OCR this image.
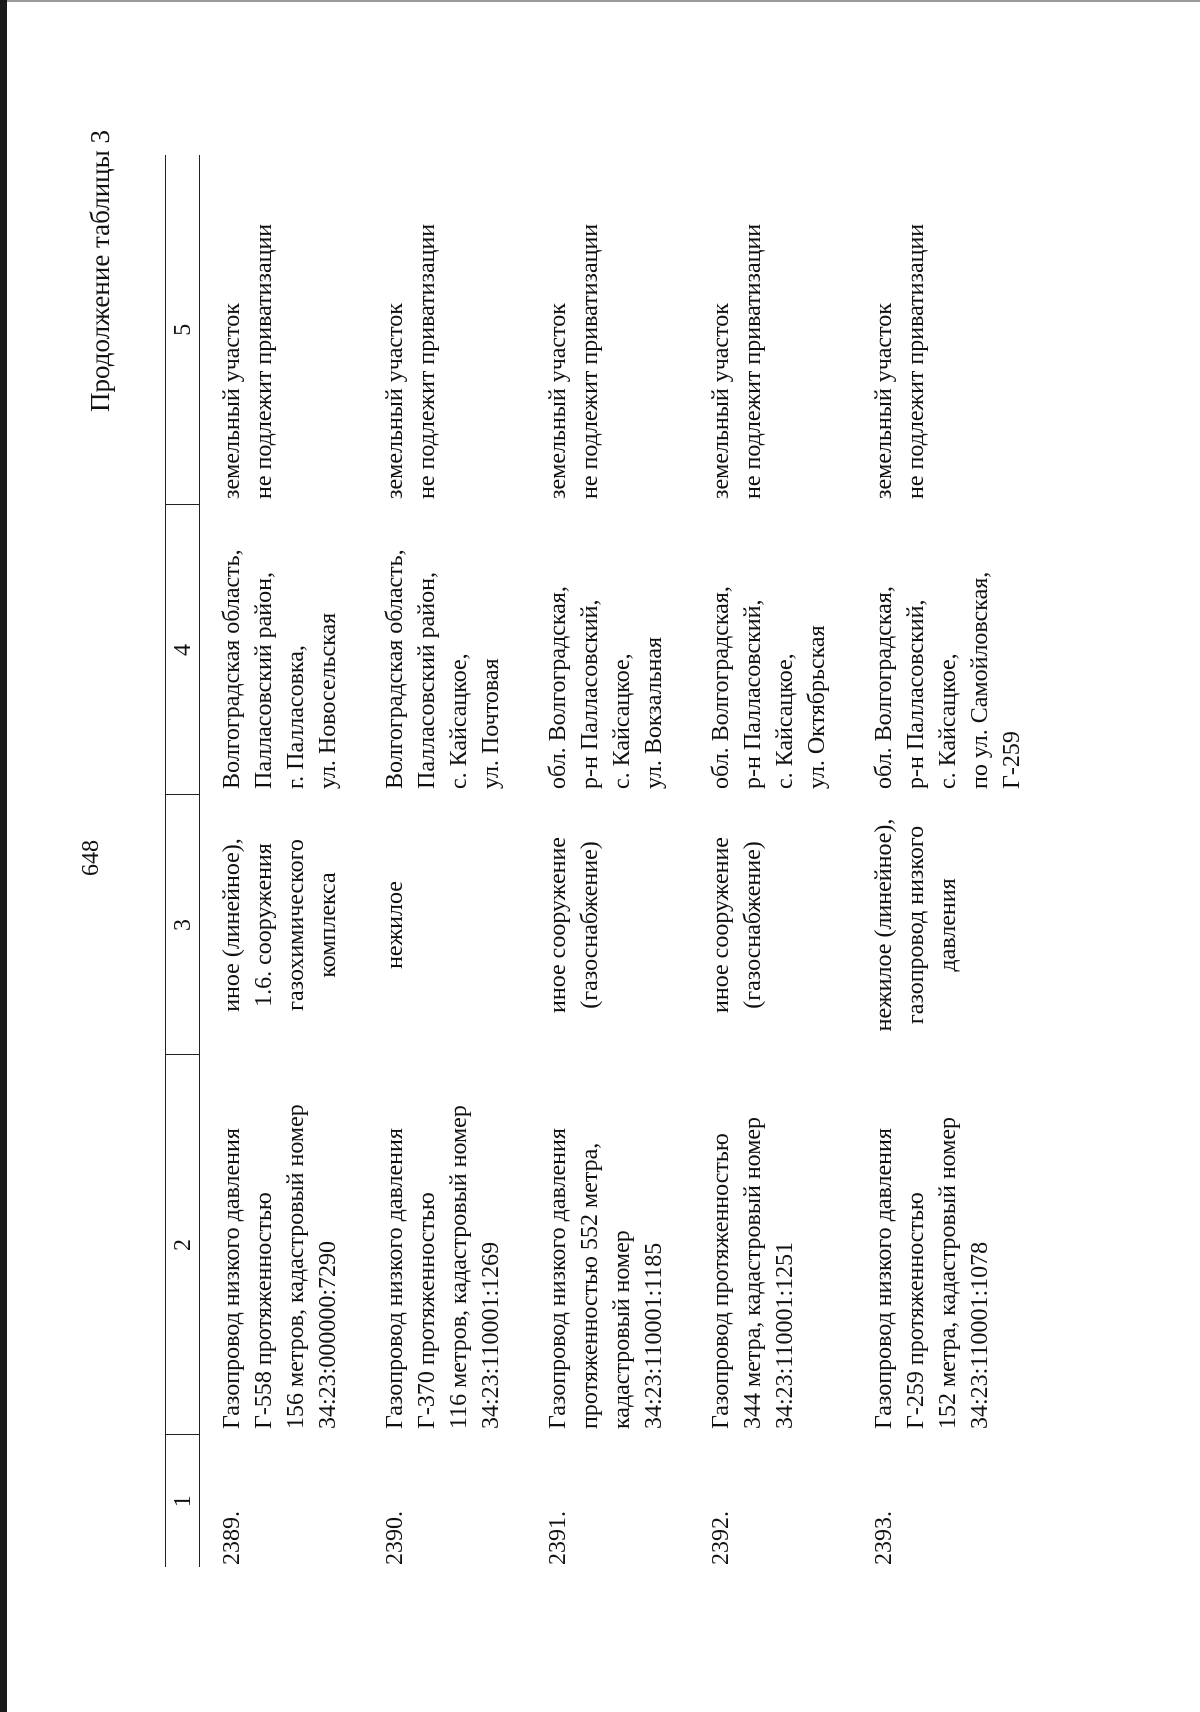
648
Продолжение таблицы 3
1	2	3	4	5
2389.	Газопровод низкого давления Г-558 протяженностью 156 метров, кадастровый номер 34:23:000000:7290	иное (линейное), 1.6. сооружения газохимического комплекса	Волгоградская область, Палласовский район, г. Палласовка, ул. Новосельская	земельный участок не подлежит приватизации

2390.	Газопровод низкого давления Г-370 протяженностью 116 метров, кадастровый номер 34:23:110001:1269	нежилое	Волгоградская область, Палласовский район, с. Кайсацкое, ул. Почтовая	земельный участок не подлежит приватизации

2391.	Газопровод низкого давления протяженностью 552 метра, кадастровый номер 34:23:110001:1185	иное сооружение (газоснабжение)	обл. Волгоградская, р-н Палласовский, с. Кайсацкое, ул. Вокзальная	земельный участок не подлежит приватизации

2392.	Газопровод протяженностью 344 метра, кадастровый номер 34:23:110001:1251	иное сооружение (газоснабжение)	обл. Волгоградская, р-н Палласовский, с. Кайсацкое, ул. Октябрьская	земельный участок не подлежит приватизации

2393.	Газопровод низкого давления Г-259 протяженностью 152 метра, кадастровый номер 34:23:110001:1078	нежилое (линейное), газопровод низкого давления	обл. Волгоградская, р-н Палласовский, с. Кайсацкое, по ул. Самойловская, Г-259	земельный участок не подлежит приватизации
